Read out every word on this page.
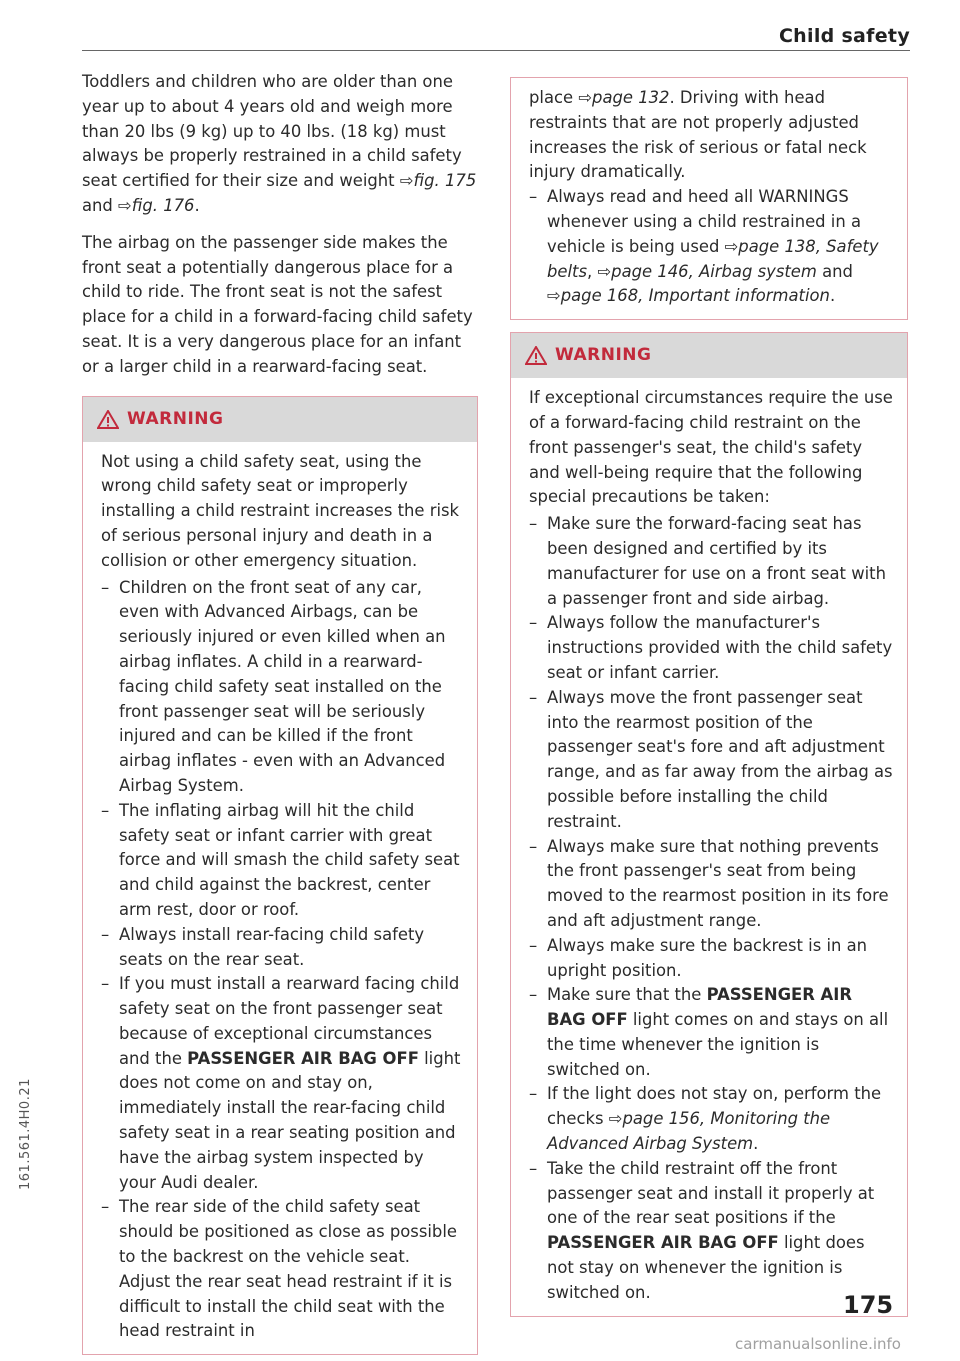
Child safety

Toddlers and children who are older than one year up to about 4 years old and weigh more than 20 lbs (9 kg) up to 40 lbs. (18 kg) must always be properly restrained in a child safety seat certified for their size and weight ⇨fig. 175 and ⇨fig. 176.

The airbag on the passenger side makes the front seat a potentially dangerous place for a child to ride. The front seat is not the safest place for a child in a forward-facing child safety seat. It is a very dangerous place for an infant or a larger child in a rearward-facing seat.

WARNING

Not using a child safety seat, using the wrong child safety seat or improperly installing a child restraint increases the risk of serious personal injury and death in a collision or other emergency situation.

– Children on the front seat of any car, even with Advanced Airbags, can be seriously injured or even killed when an airbag inflates. A child in a rearward-facing child safety seat installed on the front passenger seat will be seriously injured and can be killed if the front airbag inflates - even with an Advanced Airbag System.
– The inflating airbag will hit the child safety seat or infant carrier with great force and will smash the child safety seat and child against the backrest, center arm rest, door or roof.
– Always install rear-facing child safety seats on the rear seat.
– If you must install a rearward facing child safety seat on the front passenger seat because of exceptional circumstances and the PASSENGER AIR BAG OFF light does not come on and stay on, immediately install the rear-facing child safety seat in a rear seating position and have the airbag system inspected by your Audi dealer.
– The rear side of the child safety seat should be positioned as close as possible to the backrest on the vehicle seat. Adjust the rear seat head restraint if it is difficult to install the child seat with the head restraint in

place ⇨page 132. Driving with head restraints that are not properly adjusted increases the risk of serious or fatal neck injury dramatically.

– Always read and heed all WARNINGS whenever using a child restrained in a vehicle is being used ⇨page 138, Safety belts, ⇨page 146, Airbag system and ⇨page 168, Important information.
WARNING

If exceptional circumstances require the use of a forward-facing child restraint on the front passenger's seat, the child's safety and well-being require that the following special precautions be taken:

– Make sure the forward-facing seat has been designed and certified by its manufacturer for use on a front seat with a passenger front and side airbag.
– Always follow the manufacturer's instructions provided with the child safety seat or infant carrier.
– Always move the front passenger seat into the rearmost position of the passenger seat's fore and aft adjustment range, and as far away from the airbag as possible before installing the child restraint.
– Always make sure that nothing prevents the front passenger's seat from being moved to the rearmost position in its fore and aft adjustment range.
– Always make sure the backrest is in an upright position.
– Make sure that the PASSENGER AIR BAG OFF light comes on and stays on all the time whenever the ignition is switched on.
– If the light does not stay on, perform the checks ⇨page 156, Monitoring the Advanced Airbag System.
– Take the child restraint off the front passenger seat and install it properly at one of the rear seat positions if the PASSENGER AIR BAG OFF light does not stay on whenever the ignition is switched on.
161.561.4H0.21
175
carmanualsonline.info
